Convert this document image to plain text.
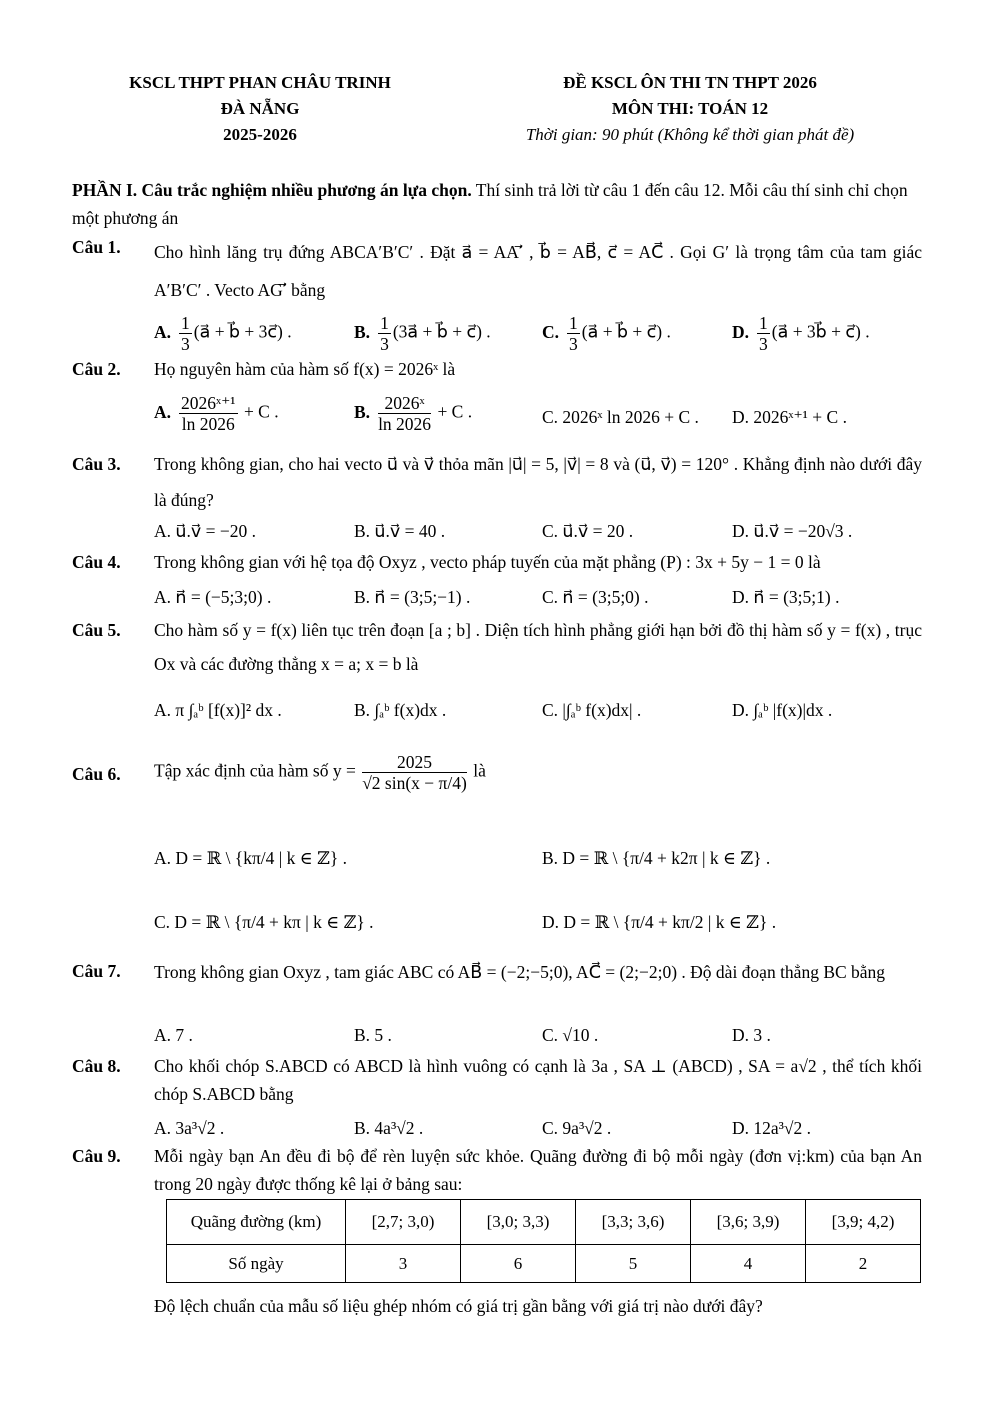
KSCL THPT PHAN CHÂU TRINH
ĐÀ NẴNG
2025-2026
ĐỀ KSCL ÔN THI TN THPT 2026
MÔN THI: TOÁN 12
Thời gian: 90 phút (Không kể thời gian phát đề)
PHẦN I. Câu trắc nghiệm nhiều phương án lựa chọn. Thí sinh trả lời từ câu 1 đến câu 12. Mỗi câu thí sinh chỉ chọn một phương án
Câu 1. Cho hình lăng trụ đứng ABCA′B′C′ . Đặt a⃗ = AA′⃗ , b⃗ = AB⃗, c⃗ = AC⃗ . Gọi G′ là trọng tâm của tam giác A′B′C′ . Vecto AG′⃗ bằng
A. $\frac{1}{3}$ (a⃗ + b⃗ + 3c⃗) .	B. $\frac{1}{3}$ (3a⃗ + b⃗ + c⃗) .	C. $\frac{1}{3}$ (a⃗ + b⃗ + c⃗) .	D. $\frac{1}{3}$ (a⃗ + 3b⃗ + c⃗) .
Câu 2. Họ nguyên hàm của hàm số f(x) = 2026ˣ là
A. $\frac{\text{2026ˣ⁺¹}}{\ln 2026} + C$ .	B. $\frac{\text{2026ˣ}}{\ln 2026} + C$ .	C. 2026ˣ ln 2026 + C . D. 2026ˣ⁺¹ + C .
Câu 3. Trong không gian, cho hai vecto u⃗ và v⃗ thỏa mãn |u⃗| = 5, |v⃗| = 8 và (u⃗, v⃗) = 120° . Khẳng định nào dưới đây là đúng?
A. u⃗.v⃗ = −20 .	B. u⃗.v⃗ = 40 .	C. u⃗.v⃗ = 20 .	D. u⃗.v⃗ = −20√3 .
Câu 4. Trong không gian với hệ tọa độ Oxyz , vecto pháp tuyến của mặt phẳng (P) : 3x + 5y − 1 = 0 là
A. n⃗ = (−5;3;0) .	B. n⃗ = (3;5;−1) .	C. n⃗ = (3;5;0) .	D. n⃗ = (3;5;1) .
Câu 5. Cho hàm số y = f(x) liên tục trên đoạn [a ; b] . Diện tích hình phẳng giới hạn bởi đồ thị hàm số y = f(x) , trục Ox và các đường thẳng x = a; x = b là
A. π ∫ₐᵇ [f(x)]² dx .	B. ∫ₐᵇ f(x)dx .	C. |∫ₐᵇ f(x)dx| .	D. ∫ₐᵇ |f(x)|dx .
Câu 6. Tập xác định của hàm số $y = \frac{2025}{√2 \sin(x - \pi/4)}$ là
A. D = ℝ \ {kπ/4 | k ∈ ℤ} .	B. D = ℝ \ {π/4 + k2π | k ∈ ℤ} .
C. D = ℝ \ {π/4 + kπ | k ∈ ℤ} .	D. D = ℝ \ {π/4 + kπ/2 | k ∈ ℤ} .
Câu 7. Trong không gian Oxyz , tam giác ABC có AB⃗ = (−2;−5;0), AC⃗ = (2;−2;0) . Độ dài đoạn thẳng BC bằng
A. 7 .	B. 5 .	C. √10 .	D. 3 .
Câu 8. Cho khối chóp S.ABCD có ABCD là hình vuông có cạnh là 3a , SA ⊥ (ABCD) , SA = a√2 , thể tích khối chóp S.ABCD bằng
A. 3a³√2 .	B. 4a³√2 .	C. 9a³√2 .	D. 12a³√2 .
Câu 9. Mỗi ngày bạn An đều đi bộ để rèn luyện sức khỏe. Quãng đường đi bộ mỗi ngày (đơn vị:km) của bạn An trong 20 ngày được thống kê lại ở bảng sau:
Quãng đường (km)	[2,7; 3,0)	[3,0; 3,3)	[3,3; 3,6)	[3,6; 3,9)	[3,9; 4,2)
Số ngày	3	6	5	4	2
Độ lệch chuẩn của mẫu số liệu ghép nhóm có giá trị gần bằng với giá trị nào dưới đây?
